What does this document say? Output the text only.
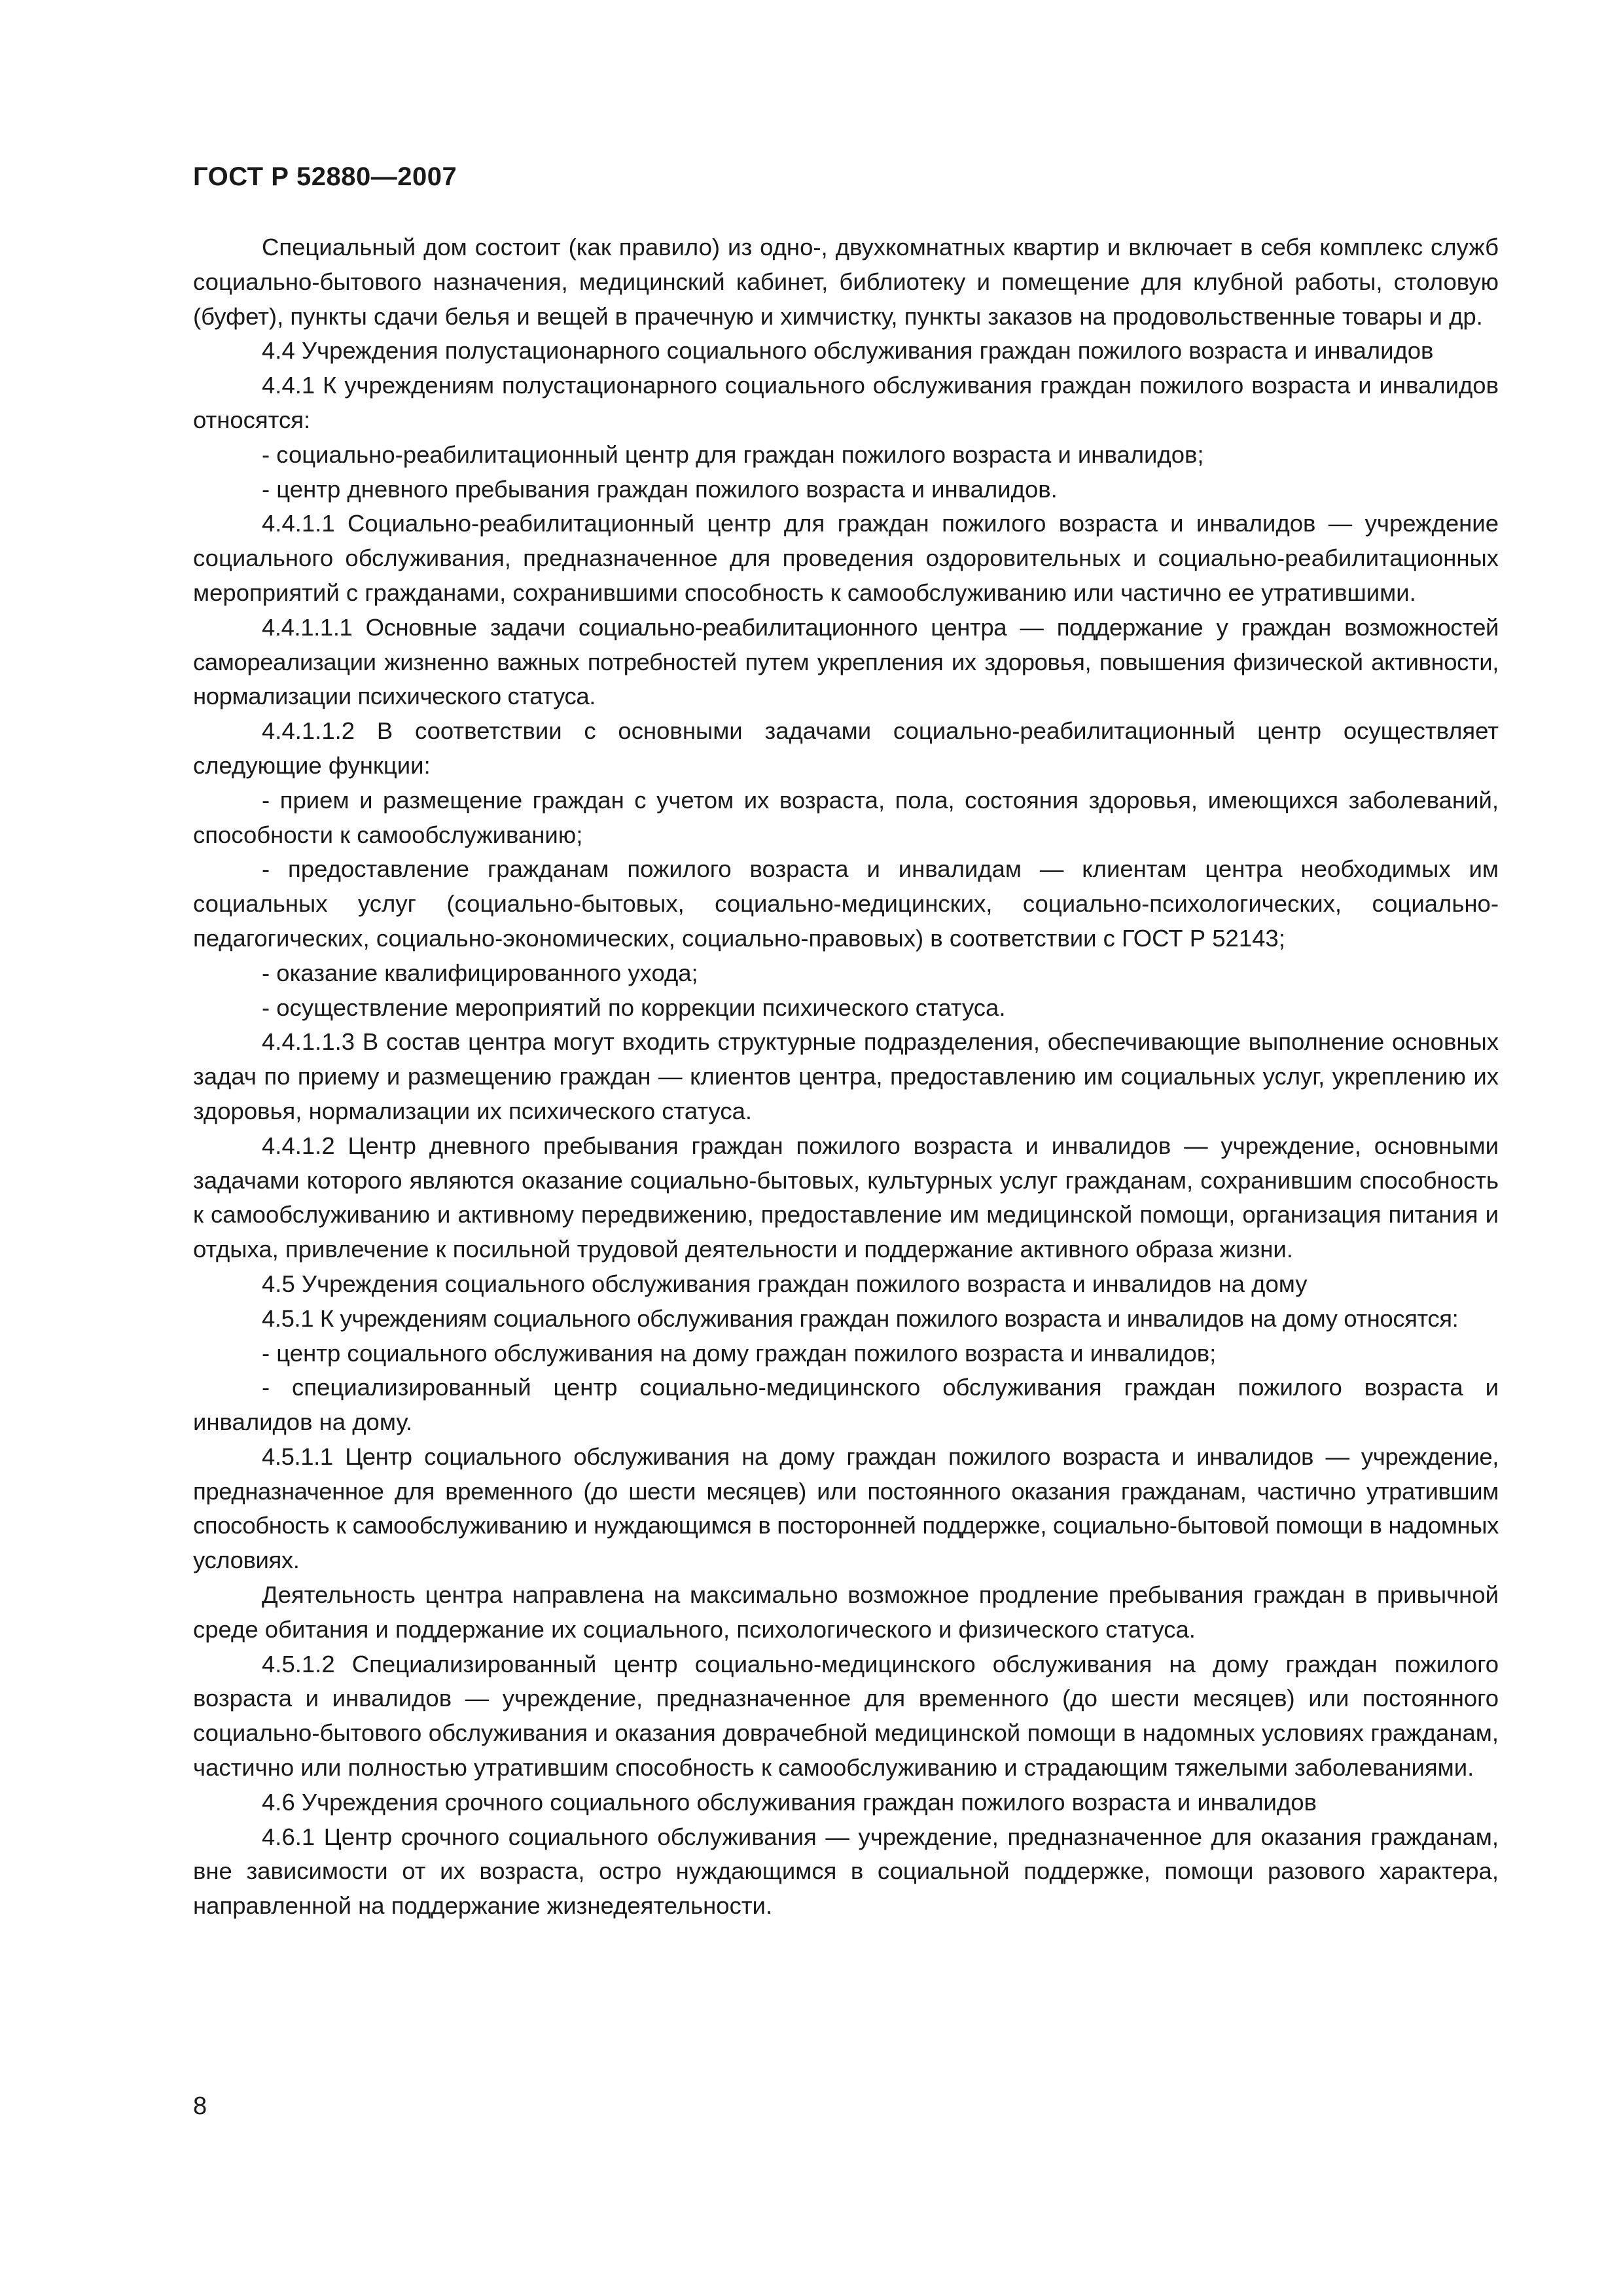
ГОСТ Р 52880—2007

Специальный дом состоит (как правило) из одно-, двухкомнатных квартир и включает в себя комплекс служб социально-бытового назначения, медицинский кабинет, библиотеку и помещение для клубной работы, столовую (буфет), пункты сдачи белья и вещей в прачечную и химчистку, пункты заказов на продовольственные товары и др.

4.4 Учреждения полустационарного социального обслуживания граждан пожилого возраста и инвалидов

4.4.1 К учреждениям полустационарного социального обслуживания граждан пожилого возраста и инвалидов относятся:

- социально-реабилитационный центр для граждан пожилого возраста и инвалидов;

- центр дневного пребывания граждан пожилого возраста и инвалидов.

4.4.1.1 Социально-реабилитационный центр для граждан пожилого возраста и инвалидов — учреждение социального обслуживания, предназначенное для проведения оздоровительных и социально-реабилитационных мероприятий с гражданами, сохранившими способность к самообслуживанию или частично ее утратившими.

4.4.1.1.1 Основные задачи социально-реабилитационного центра — поддержание у граждан возможностей самореализации жизненно важных потребностей путем укрепления их здоровья, повышения физической активности, нормализации психического статуса.

4.4.1.1.2 В соответствии с основными задачами социально-реабилитационный центр осуществляет следующие функции:

- прием и размещение граждан с учетом их возраста, пола, состояния здоровья, имеющихся заболеваний, способности к самообслуживанию;

- предоставление гражданам пожилого возраста и инвалидам — клиентам центра необходимых им социальных услуг (социально-бытовых, социально-медицинских, социально-психологических, социально-педагогических, социально-экономических, социально-правовых) в соответствии с ГОСТ Р 52143;

- оказание квалифицированного ухода;

- осуществление мероприятий по коррекции психического статуса.

4.4.1.1.3 В состав центра могут входить структурные подразделения, обеспечивающие выполнение основных задач по приему и размещению граждан — клиентов центра, предоставлению им социальных услуг, укреплению их здоровья, нормализации их психического статуса.

4.4.1.2 Центр дневного пребывания граждан пожилого возраста и инвалидов — учреждение, основными задачами которого являются оказание социально-бытовых, культурных услуг гражданам, сохранившим способность к самообслуживанию и активному передвижению, предоставление им медицинской помощи, организация питания и отдыха, привлечение к посильной трудовой деятельности и поддержание активного образа жизни.

4.5 Учреждения социального обслуживания граждан пожилого возраста и инвалидов на дому

4.5.1 К учреждениям социального обслуживания граждан пожилого возраста и инвалидов на дому относятся:

- центр социального обслуживания на дому граждан пожилого возраста и инвалидов;

- специализированный центр социально-медицинского обслуживания граждан пожилого возраста и инвалидов на дому.

4.5.1.1 Центр социального обслуживания на дому граждан пожилого возраста и инвалидов — учреждение, предназначенное для временного (до шести месяцев) или постоянного оказания гражданам, частично утратившим способность к самообслуживанию и нуждающимся в посторонней поддержке, социально-бытовой помощи в надомных условиях.

Деятельность центра направлена на максимально возможное продление пребывания граждан в привычной среде обитания и поддержание их социального, психологического и физического статуса.

4.5.1.2 Специализированный центр социально-медицинского обслуживания на дому граждан пожилого возраста и инвалидов — учреждение, предназначенное для временного (до шести месяцев) или постоянного социально-бытового обслуживания и оказания доврачебной медицинской помощи в надомных условиях гражданам, частично или полностью утратившим способность к самообслуживанию и страдающим тяжелыми заболеваниями.

4.6 Учреждения срочного социального обслуживания граждан пожилого возраста и инвалидов

4.6.1 Центр срочного социального обслуживания — учреждение, предназначенное для оказания гражданам, вне зависимости от их возраста, остро нуждающимся в социальной поддержке, помощи разового характера, направленной на поддержание жизнедеятельности.

8
